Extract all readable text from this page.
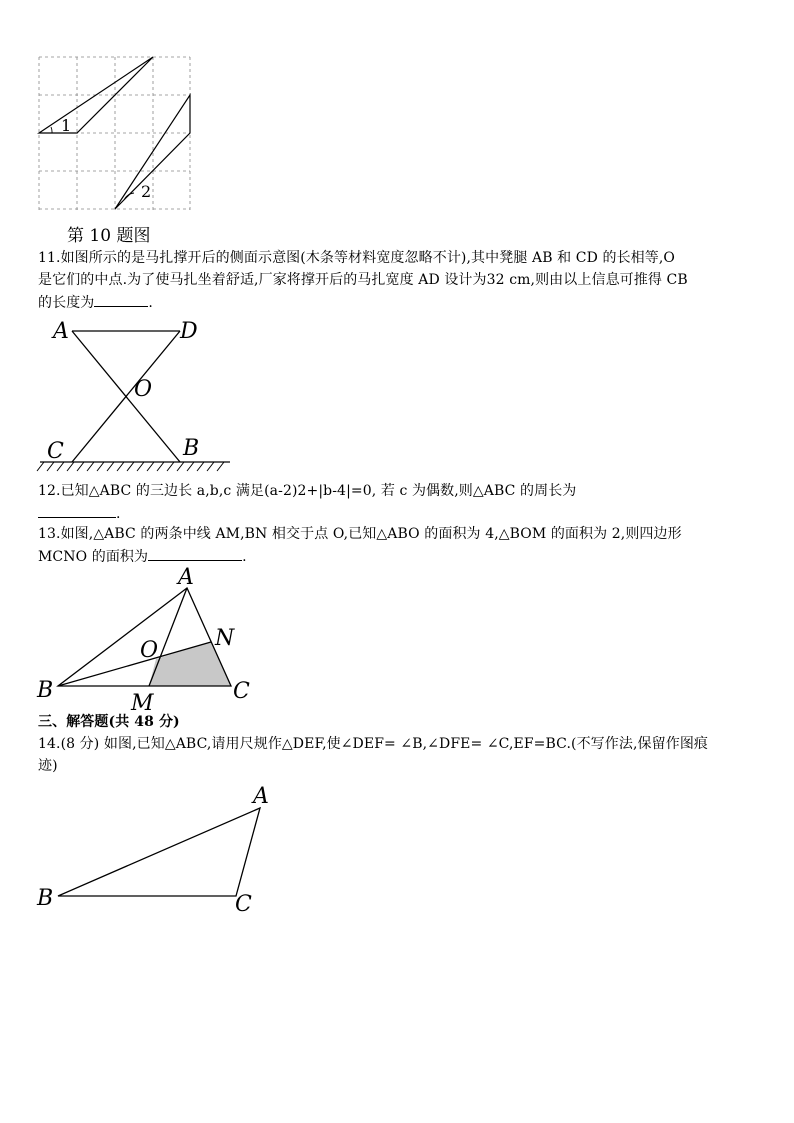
1
2
第 10 题图
11.如图所示的是马扎撑开后的侧面示意图(木条等材料宽度忽略不计),其中凳腿 AB 和 CD 的长相等,O
是它们的中点.为了使马扎坐着舒适,厂家将撑开后的马扎宽度 AD 设计为32 cm,则由以上信息可推得 CB
的长度为	.
A	D
O
C	B
12.已知△ABC 的三边长 a,b,c 满足(a-2)2+|b-4|=0, 若 c 为偶数,则△ABC 的周长为
.
13.如图,△ABC 的两条中线 AM,BN 相交于点 O,已知△ABO 的面积为 4,△BOM 的面积为 2,则四边形
MCNO 的面积为	.
A
B	C
M
N
O
三、解答题(共 48 分)
14.(8 分) 如图,已知△ABC,请用尺规作△DEF,使∠DEF= ∠B,∠DFE= ∠C,EF=BC.(不写作法,保留作图痕
迹)
A
B	C
